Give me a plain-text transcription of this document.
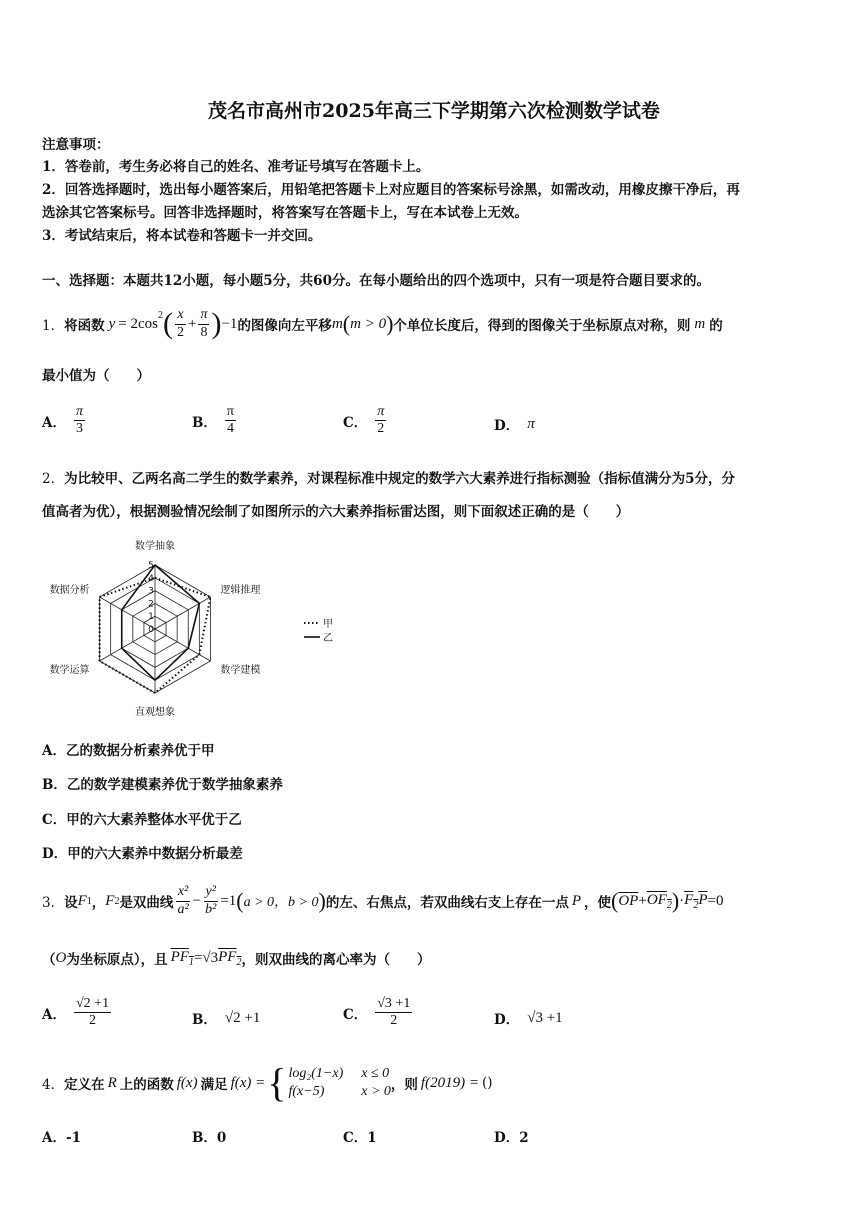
茂名市高州市2025年高三下学期第六次检测数学试卷
注意事项：
1．答卷前，考生务必将自己的姓名、准考证号填写在答题卡上。
2．回答选择题时，选出每小题答案后，用铅笔把答题卡上对应题目的答案标号涂黑，如需改动，用橡皮擦干净后，再
选涂其它答案标号。回答非选择题时，将答案写在答题卡上，写在本试卷上无效。
3．考试结束后，将本试卷和答题卡一并交回。
一、选择题：本题共12小题，每小题5分，共60分。在每小题给出的四个选项中，只有一项是符合题目要求的。
1． 将函数 $y = 2\cos^2$ ( $\frac{x}{2} + \frac{\pi}{8}$ ) −1 的图像向左平移 m ( m > 0 ) 个单位长度后，得到的图像关于坐标原点对称，则 m 的
最小值为（　　）
A． $\frac{\pi}{3}$	B． $\frac{\pi}{4}$	C． $\frac{\pi}{2}$	D． π
2．为比较甲、乙两名高二学生的数学素养，对课程标准中规定的数学六大素养进行指标测验（指标值满分为5分，分
值高者为优），根据测验情况绘制了如图所示的六大素养指标雷达图，则下面叙述正确的是（　　）
0
1
2
3
4
5
数学抽象
逻辑推理
数学建模
直观想象
数学运算
数据分析
甲
乙
A．乙的数据分析素养优于甲
B．乙的数学建模素养优于数学抽象素养
C．甲的六大素养整体水平优于乙
D．甲的六大素养中数据分析最差
3． 设 F 1 ， F 2 是双曲线 $\frac{\text{x²}}{\text{a²}} - \frac{\text{y²}}{\text{b²}} =1$ ( a > 0，b > 0 ) 的左、右焦点，若双曲线右支上存在一点 P ，使 ( $\overline{OP} + OF_2$ ) · $F_2P =0$
（ O 为坐标原点），且 $PF_1 =√3$ $PF_2$ ，则双曲线的离心率为（　　）
A． $\frac{√2 +1}{2}$	B． √2 +1	C． $\frac{√3 +1}{2}$	D． √3 +1
4． 定义在 R 上的函数 f(x) 满足 f(x) = { log₂(1−x) x ≤ 0
f(x−5)	x > 0 ，则 f(2019) = ()
A．-1	B．0	C．1	D．2
